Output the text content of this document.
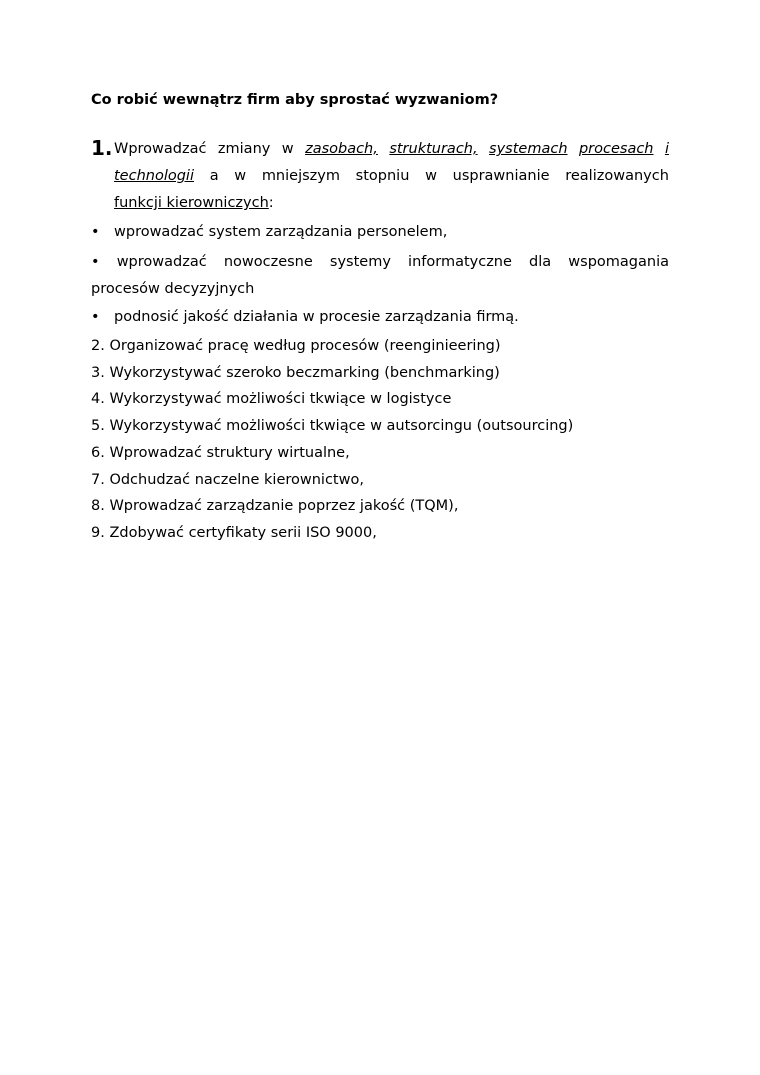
Co robić wewnątrz firm aby sprostać wyzwaniom?
1. Wprowadzać zmiany w zasobach, strukturach, systemach procesach i
technologii a w mniejszym stopniu w usprawnianie realizowanych
funkcji kierowniczych:
• wprowadzać system zarządzania personelem,
• wprowadzać nowoczesne systemy informatyczne dla wspomagania
procesów decyzyjnych
• podnosić jakość działania w procesie zarządzania firmą.
2. Organizować pracę według procesów (reenginieering)
3. Wykorzystywać szeroko beczmarking (benchmarking)
4. Wykorzystywać możliwości tkwiące w logistyce
5. Wykorzystywać możliwości tkwiące w autsorcingu (outsourcing)
6. Wprowadzać struktury wirtualne,
7. Odchudzać naczelne kierownictwo,
8. Wprowadzać zarządzanie poprzez jakość (TQM),
9. Zdobywać certyfikaty serii ISO 9000,
